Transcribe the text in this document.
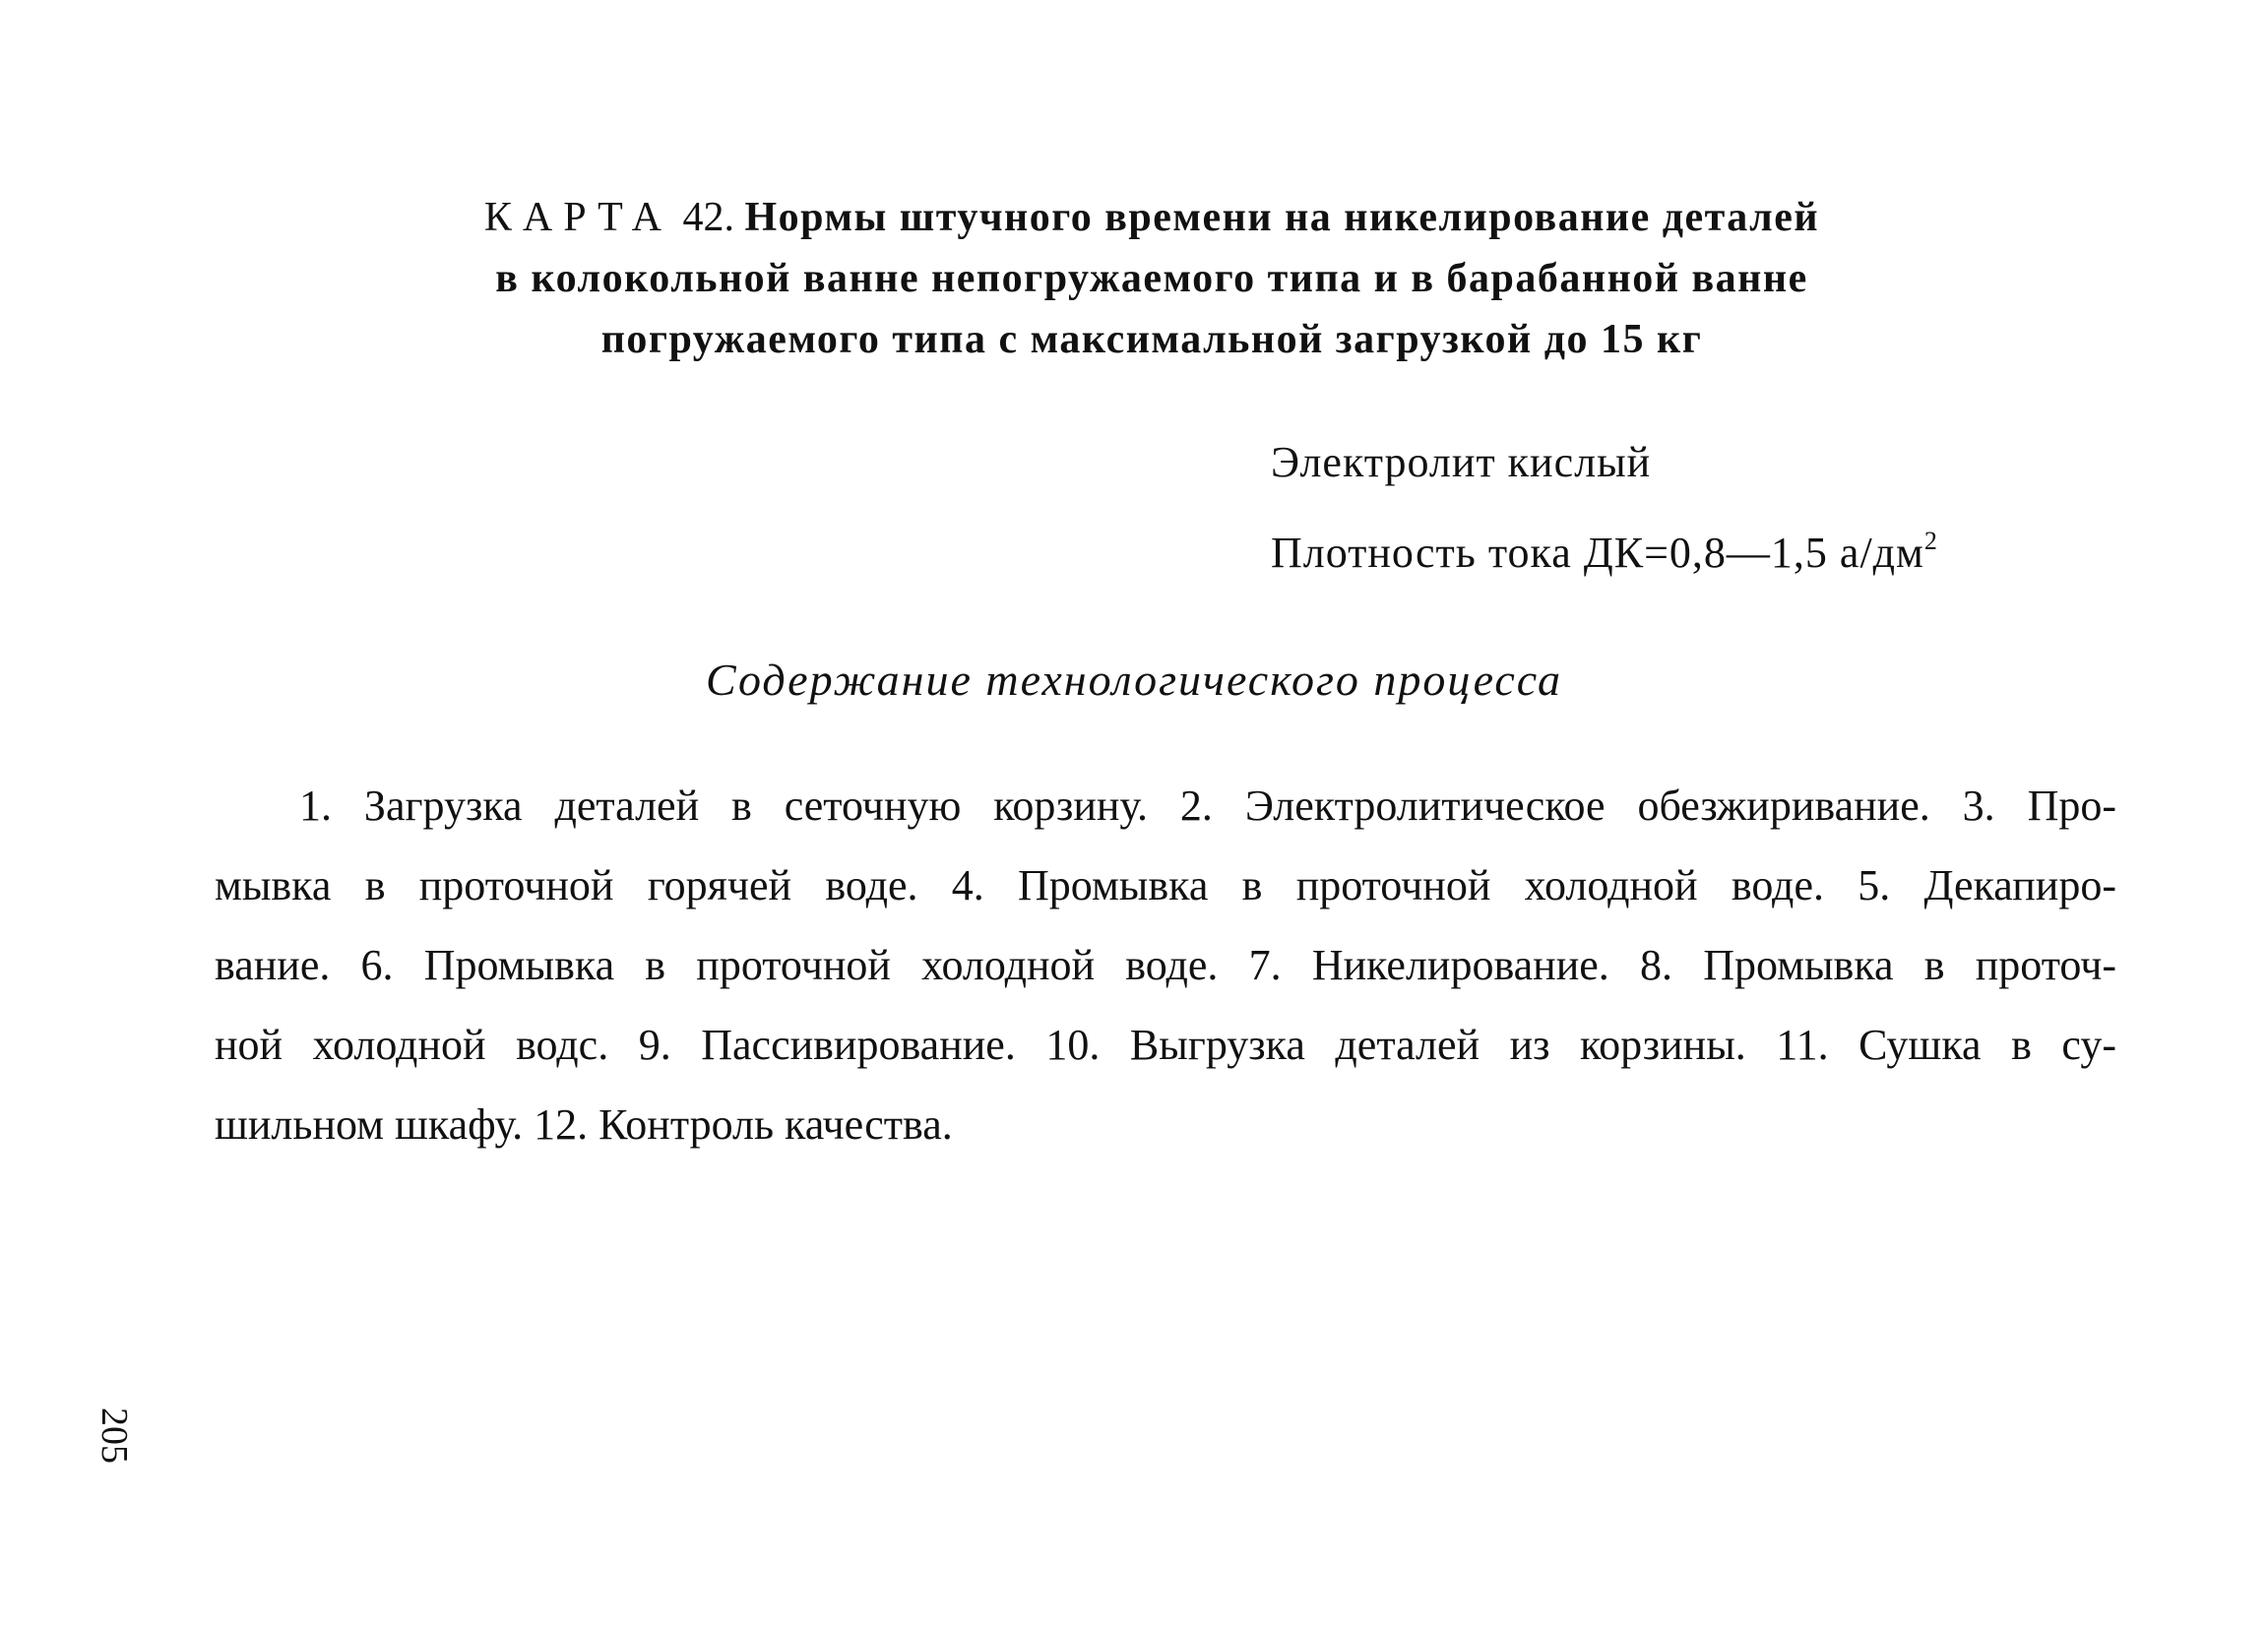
КАРТА 42. Нормы штучного времени на никелирование деталей
в колокольной ванне непогружаемого типа и в барабанной ванне
погружаемого типа с максимальной загрузкой до 15 кг
Электролит кислый
Плотность тока ДК=0,8—1,5 $а/дм^2$
Содержание технологического процесса
1. Загрузка деталей в сеточную корзину. 2. Электролитическое обезжиривание. 3. Про-
мывка в проточной горячей воде. 4. Промывка в проточной холодной воде. 5. Декапиро-
вание. 6. Промывка в проточной холодной воде. 7. Никелирование. 8. Промывка в проточ-
ной холодной водс. 9. Пассивирование. 10. Выгрузка деталей из корзины. 11. Сушка в су-
шильном шкафу. 12. Контроль качества.
205
